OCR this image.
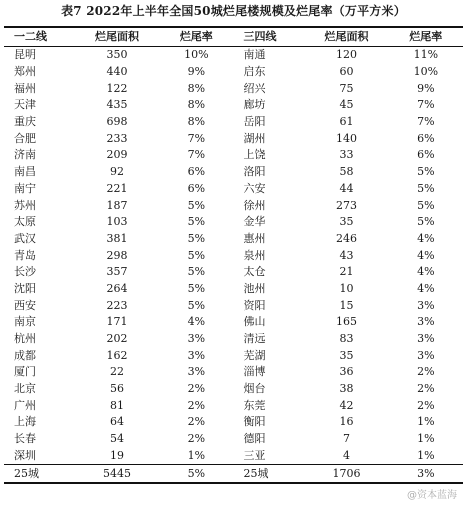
表7 2022年上半年全国50城烂尾楼规模及烂尾率（万平方米）
一二线	烂尾面积	烂尾率	三四线	烂尾面积	烂尾率
昆明	350	10%	南通	120	11%
郑州	440	9%	启东	60	10%
福州	122	8%	绍兴	75	9%
天津	435	8%	廊坊	45	7%
重庆	698	8%	岳阳	61	7%
合肥	233	7%	湖州	140	6%
济南	209	7%	上饶	33	6%
南昌	92	6%	洛阳	58	5%
南宁	221	6%	六安	44	5%
苏州	187	5%	徐州	273	5%
太原	103	5%	金华	35	5%
武汉	381	5%	惠州	246	4%
青岛	298	5%	泉州	43	4%
长沙	357	5%	太仓	21	4%
沈阳	264	5%	池州	10	4%
西安	223	5%	资阳	15	3%
南京	171	4%	佛山	165	3%
杭州	202	3%	清远	83	3%
成都	162	3%	芜湖	35	3%
厦门	22	3%	淄博	36	2%
北京	56	2%	烟台	38	2%
广州	81	2%	东莞	42	2%
上海	64	2%	衡阳	16	1%
长春	54	2%	德阳	7	1%
深圳	19	1%	三亚	4	1%
25城	5445	5%	25城	1706	3%
@资本蓝海
